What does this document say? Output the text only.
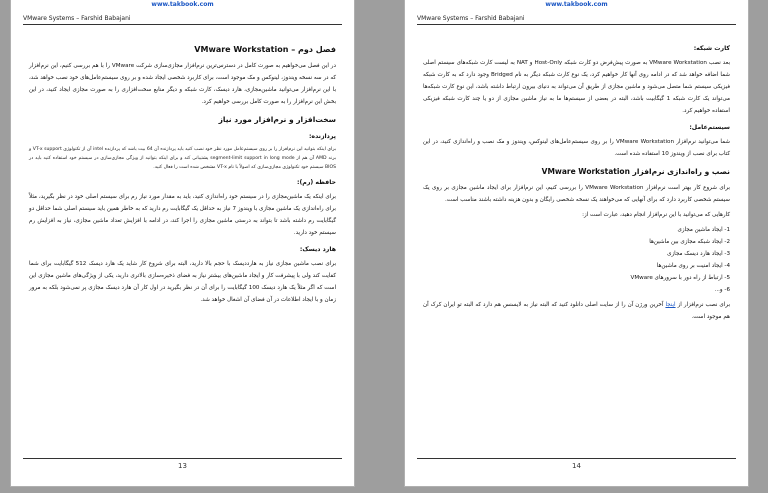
www.takbook.com
VMware Systems – Farshid Babajani
فصل دوم – VMware Workstation

در این فصل می‌خواهیم به صورت کامل در دسترس‌ترین نرم‌افزار مجازی‌سازی شرکت VMware را با هم بررسی کنیم، این نرم‌افزار که در سه نسخه ویندوز، لینوکس و مک موجود است، برای کاربرد شخصی ایجاد شده و بر روی سیستم‌عامل‌های خود نصب خواهد شد، با این نرم‌افزار می‌توانید ماشین‌مجازی، هارد دیسک، کارت شبکه و دیگر منابع سخت‌افزاری را به صورت مجازی ایجاد کنید، در این بخش این نرم‌افزار را به صورت کامل بررسی خواهیم کرد.

سخت‌افزار و نرم‌افزار مورد نیاز
پردازنده:

برای اینکه بتوانید این نرم‌افزار را بر روی سیستم‌عامل مورد نظر خود نصب کنید باید پردازنده آن 64 بیت باشد که پردازنده intel آن از تکنولوژی VT-x support و برند AMD آن هم از segment-limit support in long mode پشتیبانی کند و برای اینکه بتوانید از ویژگی مجازی‌سازی در سیستم خود استفاده کنید باید در BIOS سیستم خود تکنولوژی مجازی‌سازی که اصولاً با نام VT-x مشخص شده است را فعال کنید.

حافظه (رم):

برای اینکه یک ماشین‌مجازی را در سیستم خود راه‌اندازی کنید، باید به مقدار مورد نیاز رم برای سیستم اصلی خود در نظر بگیرید، مثلاً برای راه‌اندازی یک ماشین مجازی با ویندوز 7 نیاز به حداقل یک گیگابایت رم دارید که به خاطر همین باید سیستم اصلی شما حداقل دو گیگابایت رم داشته باشد تا بتواند به درستی ماشین مجازی را اجرا کند، در ادامه با افزایش تعداد ماشین مجازی، نیاز به افزایش رم سیستم خود دارید.

هارد دیسک:

برای نصب ماشین مجازی نیاز به هارددیسک با حجم بالا دارید، البته برای شروع کار شاید یک هارد دیسک 512 گیگابایت برای شما کفایت کند ولی با پیشرفت کار و ایجاد ماشین‌های بیشتر نیاز به فضای ذخیره‌سازی بالاتری دارید، یکی از ویژگی‌های ماشین مجازی این است که اگر مثلاً یک هارد دیسک 100 گیگابایت را برای آن در نظر بگیرید در اول کار آن هارد دیسک مجازی پر نمی‌شود بلکه به مرور زمان و با ایجاد اطلاعات در آن فضای آن اشغال خواهد شد.

13
www.takbook.com
VMware Systems – Farshid Babajani
کارت شبکه:

بعد نصب VMware Workstation به صورت پیش‌فرض دو کارت شبکه Host-Only و NAT به لیست کارت شبکه‌های سیستم اصلی شما اضافه خواهد شد که در ادامه روی آنها کار خواهیم کرد، یک نوع کارت شبکه دیگر به نام Bridged وجود دارد که به کارت شبکه فیزیکی سیستم شما متصل می‌شود و ماشین مجازی از طریق آن می‌تواند به دنیای بیرون ارتباط داشته باشد، این نوع کارت شبکه‌ها می‌تواند یک کارت شبکه 1 گیگابیت باشد، البته در بعضی از سیستم‌ها ما به نیاز ماشین مجازی از دو یا چند کارت شبکه فیزیکی استفاده خواهیم کرد.

سیستم‌عامل:

شما می‌توانید نرم‌افزار VMware Workstation را بر روی سیستم‌عامل‌های لینوکس، ویندوز و مک نصب و راه‌اندازی کنید، در این کتاب برای نصب از ویندوز 10 استفاده شده است.

نصب و راه‌اندازی نرم‌افزار VMware Workstation

برای شروع کار بهتر است نرم‌افزار VMware Workstation را بررسی کنیم، این نرم‌افزار برای ایجاد ماشین مجازی بر روی یک سیستم شخصی کاربرد دارد که برای آنهایی که می‌خواهند یک نسخه شخصی رایگان و بدون هزینه داشته باشند مناسب است.

کارهایی که می‌توانید با این نرم‌افزار انجام دهید، عبارت است از:

1- ایجاد ماشین مجازی
2- ایجاد شبکه مجازی بین ماشین‌ها
3- ایجاد هارد دیسک مجازی
4- ایجاد امنیت بر روی ماشین‌ها
5- ارتباط از راه دور با سرورهای VMware
6- و...

برای نصب نرم‌افزار از اینجا آخرین ورژن آن را از سایت اصلی دانلود کنید که البته نیاز به لایسنس هم دارد که البته تو ایران کرک آن هم موجود است.

14
